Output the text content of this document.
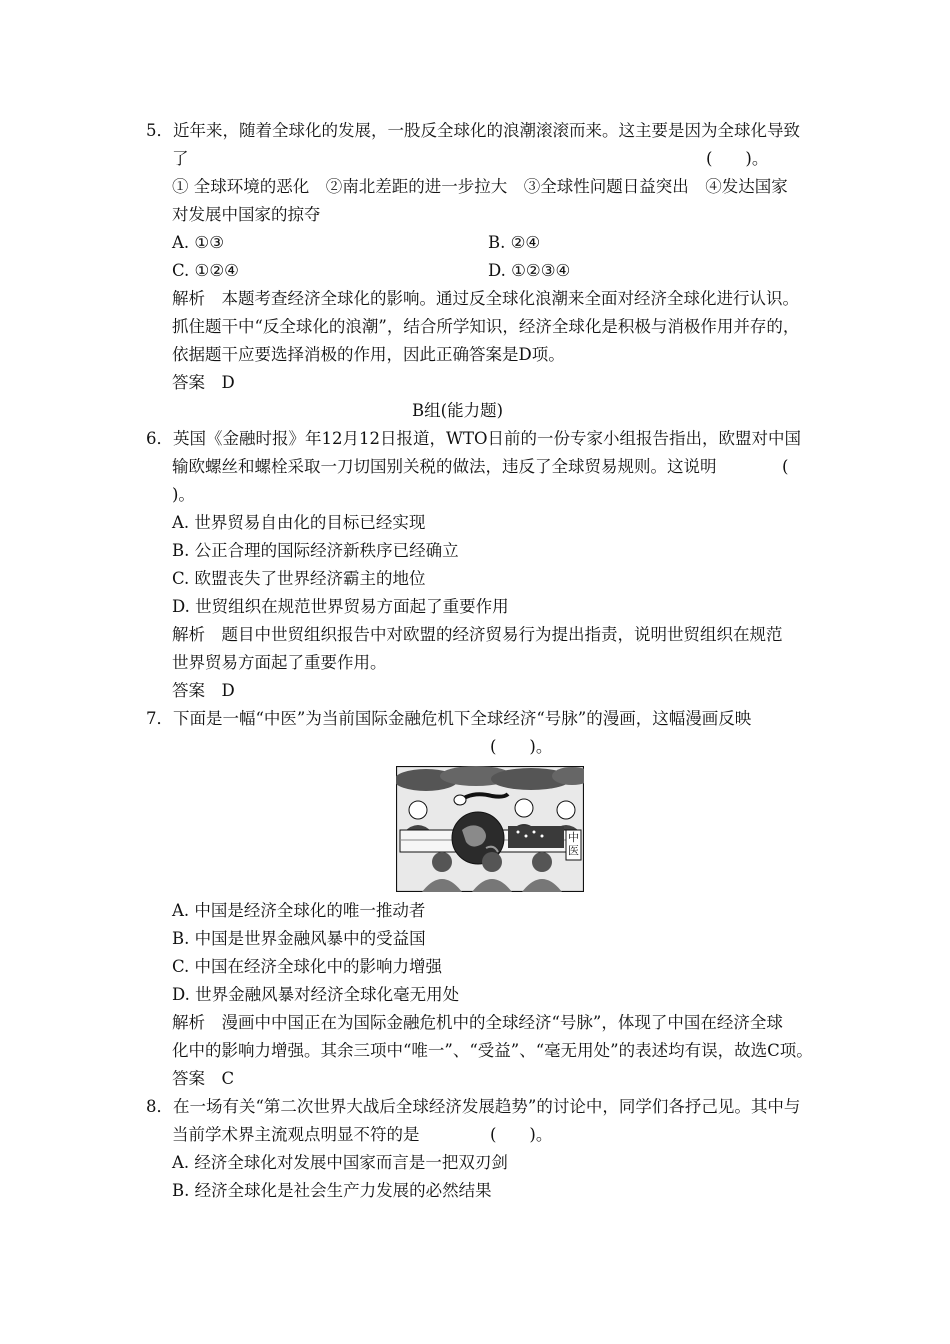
5．近年来，随着全球化的发展，一股反全球化的浪潮滚滚而来。这主要是因为全球化导致
了	(　　)。
① 全球环境的恶化　②南北差距的进一步拉大　③全球性问题日益突出　④发达国家
对发展中国家的掠夺
A. ①③	B. ②④
C. ①②④	D. ①②③④
解析　本题考查经济全球化的影响。通过反全球化浪潮来全面对经济全球化进行认识。
抓住题干中“反全球化的浪潮”，结合所学知识，经济全球化是积极与消极作用并存的，
依据题干应要选择消极的作用，因此正确答案是D项。
答案　D
B组(能力题)
6．英国《金融时报》年12月12日报道，WTO日前的一份专家小组报告指出，欧盟对中国
输欧螺丝和螺栓采取一刀切国别关税的做法，违反了全球贸易规则。这说明	(
)。
A. 世界贸易自由化的目标已经实现
B. 公正合理的国际经济新秩序已经确立
C. 欧盟丧失了世界经济霸主的地位
D. 世贸组织在规范世界贸易方面起了重要作用
解析　题目中世贸组织报告中对欧盟的经济贸易行为提出指责，说明世贸组织在规范
世界贸易方面起了重要作用。
答案　D
7．下面是一幅“中医”为当前国际金融危机下全球经济“号脉”的漫画，这幅漫画反映
(　　)。
中医
A. 中国是经济全球化的唯一推动者
B. 中国是世界金融风暴中的受益国
C. 中国在经济全球化中的影响力增强
D. 世界金融风暴对经济全球化毫无用处
解析　漫画中中国正在为国际金融危机中的全球经济“号脉”，体现了中国在经济全球
化中的影响力增强。其余三项中“唯一”、“受益”、“毫无用处”的表述均有误，故选C项。
答案　C
8．在一场有关“第二次世界大战后全球经济发展趋势”的讨论中，同学们各抒己见。其中与
当前学术界主流观点明显不符的是	(　　)。
A. 经济全球化对发展中国家而言是一把双刃剑
B. 经济全球化是社会生产力发展的必然结果
